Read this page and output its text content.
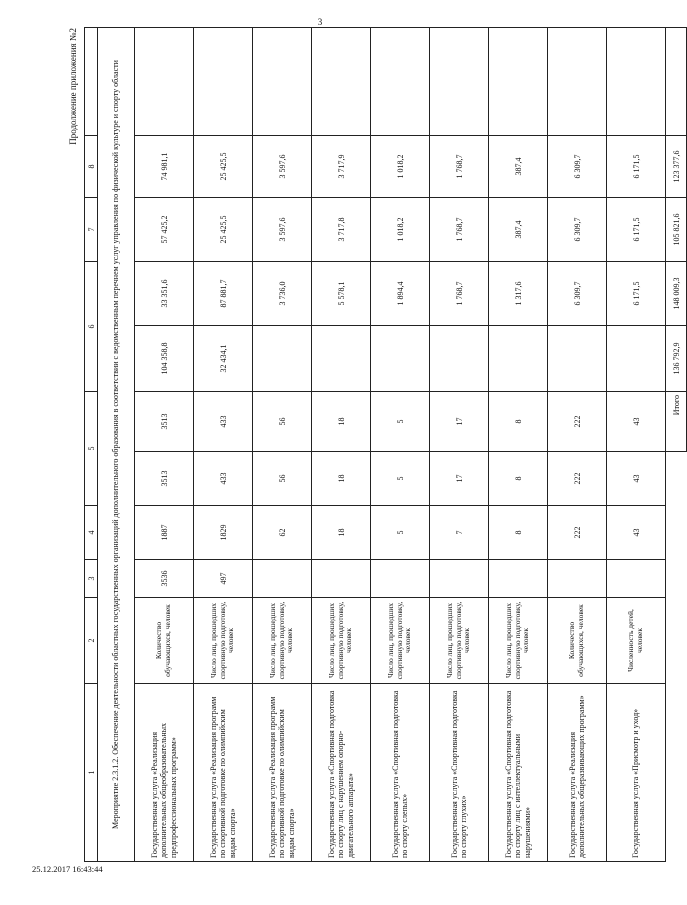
3
Продолжение приложения №2
1	2	3	4	5		6		7	8	
Мероприятие 2.3.1.2. Обеспечение деятельности областных государственных организаций дополнительного образования в соответствии с ведомственным перечнем услуг управления по физической культуре и спорту области										
Государственная услуга «Реализация дополнительных общеобразовательных предпрофессиональных программ»	Количество обучающихся, человек	3536	1887	3513	3513	104 358,8	33 351,6	57 425,2	74 981,1	
Государственная услуга «Реализация программ по спортивной подготовке по олимпийским видам спорта»	Число лиц, прошедших спортивную подготовку, человек	497	1829	433	433	32 434,1	87 881,7	25 425,5	25 425,5	
Государственная услуга «Реализация программ по спортивной подготовке по олимпийским видам спорта»	Число лиц, прошедших спортивную подготовку, человек		62	56	56		3 736,0	3 597,6	3 597,6	
Государственная услуга «Спортивная подготовка по спорту лиц с нарушением опорно-двигательного аппарата»	Число лиц, прошедших спортивную подготовку, человек		18	18	18		5 578,1	3 717,8	3 717,9	
Государственная услуга «Спортивная подготовка по спорту слепых»	Число лиц, прошедших спортивную подготовку, человек		5	5	5		1 894,4	1 018,2	1 018,2	
Государственная услуга «Спортивная подготовка по спорту глухих»	Число лиц, прошедших спортивную подготовку, человек		7	17	17		1 768,7	1 768,7	1 768,7	
Государственная услуга «Спортивная подготовка по спорту лиц с интеллектуальными нарушениями»	Число лиц, прошедших спортивную подготовку, человек		8	8	8		1 317,6	387,4	387,4	
Государственная услуга «Реализация дополнительных общеразвивающих программ»	Количество обучающихся, человек		222	222	222		6 309,7	6 309,7	6 309,7	
Государственная услуга «Присмотр и уход»	Численность детей, человек		43	43	43		6 171,5	6 171,5	6 171,5	
					Итого	136 792,9	148 009,3	105 821,6	123 377,6	
25.12.2017 16:43:44
